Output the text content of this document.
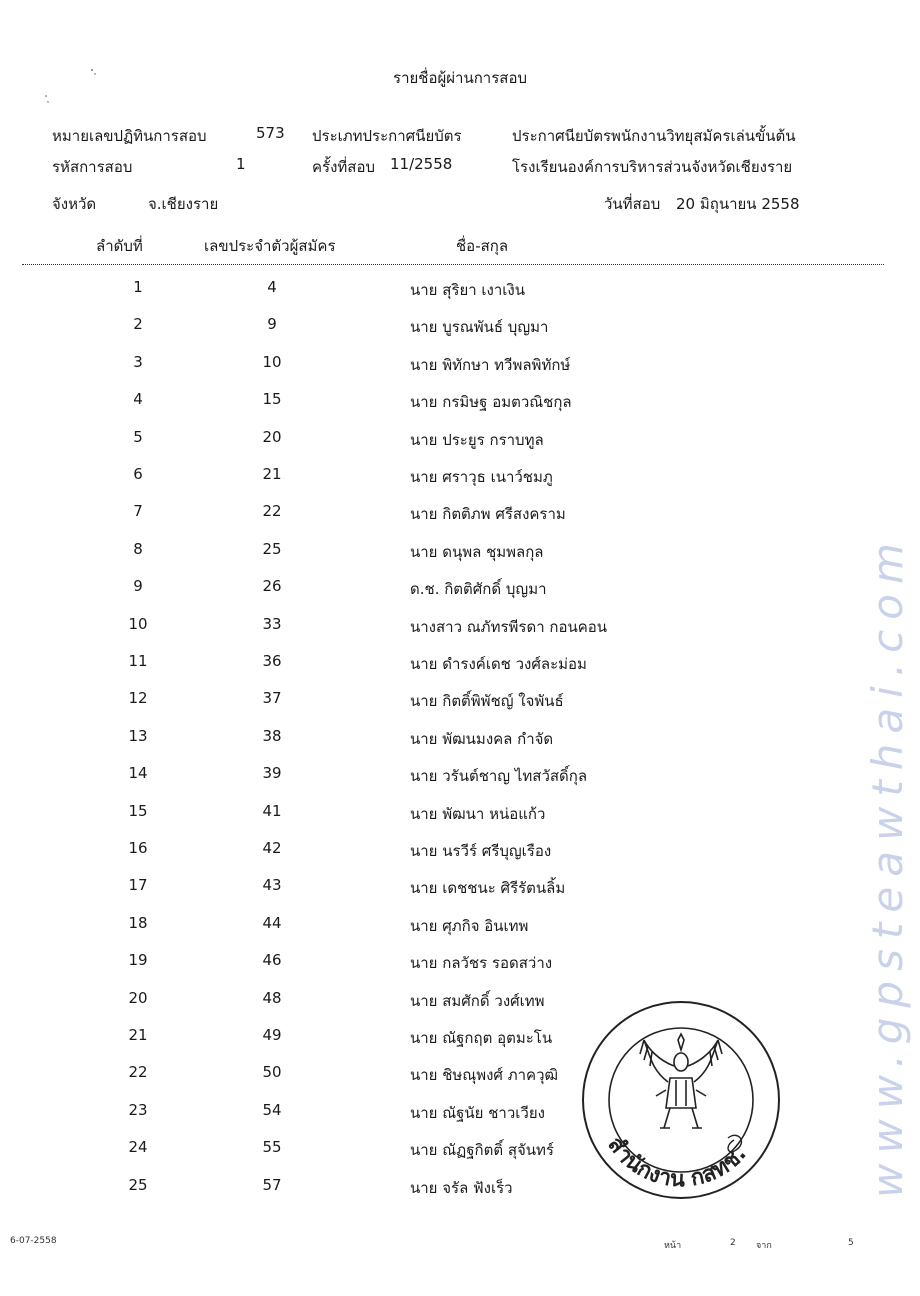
รายชื่อผู้ผ่านการสอบ
หมายเลขปฏิทินการสอบ	573 ประเภทประกาศนียบัตร	ประกาศนียบัตรพนักงานวิทยุสมัครเล่นขั้นต้น
รหัสการสอบ	1	ครั้งที่สอบ 11/2558	โรงเรียนองค์การบริหารส่วนจังหวัดเชียงราย
จังหวัด	จ.เชียงราย	วันที่สอบ 20 มิถุนายน 2558
ลำดับที่	เลขประจำตัวผู้สมัคร	ชื่อ-สกุล
1	4	นาย สุริยา เงาเงิน
2	9	นาย บูรณพันธ์ บุญมา
3	10	นาย พิทักษา ทวีพลพิทักษ์
4	15	นาย กรมิษฐ อมตวณิชกุล
5	20	นาย ประยูร กราบทูล
6	21	นาย ศราวุธ เนาว์ชมภู
7	22	นาย กิตติภพ ศรีสงคราม
8	25	นาย ดนุพล ชุมพลกุล
9	26	ด.ช. กิตติศักดิ์ บุญมา
10	33	นางสาว ณภัทรพีรดา กอนคอน
11	36	นาย ดำรงค์เดช วงศ์ละม่อม
12	37	นาย กิตติ์พิพัชญ์ ใจพันธ์
13	38	นาย พัฒนมงคล กำจัด
14	39	นาย วรันต์ชาญ ไทสวัสดิ์กุล
15	41	นาย พัฒนา หน่อแก้ว
16	42	นาย นรวีร์ ศรีบุญเรือง
17	43	นาย เดชชนะ ศิรีรัตนลิ้ม
18	44	นาย ศุภกิจ อินเทพ
19	46	นาย กลวัชร รอดสว่าง
20	48	นาย สมศักดิ์ วงศ์เทพ
21	49	นาย ณัฐกฤต อุตมะโน
22	50	นาย ชิษณุพงศ์ ภาควุฒิ
23	54	นาย ณัฐนัย ชาวเวียง
24	55	นาย ณัฏฐกิตติ์ สุจันทร์
25	57	นาย จรัล ฟังเร็ว
สำนักงาน กสทช.	www.gpsteawthai.com
6-07-2558	หน้า	2 จาก	5
